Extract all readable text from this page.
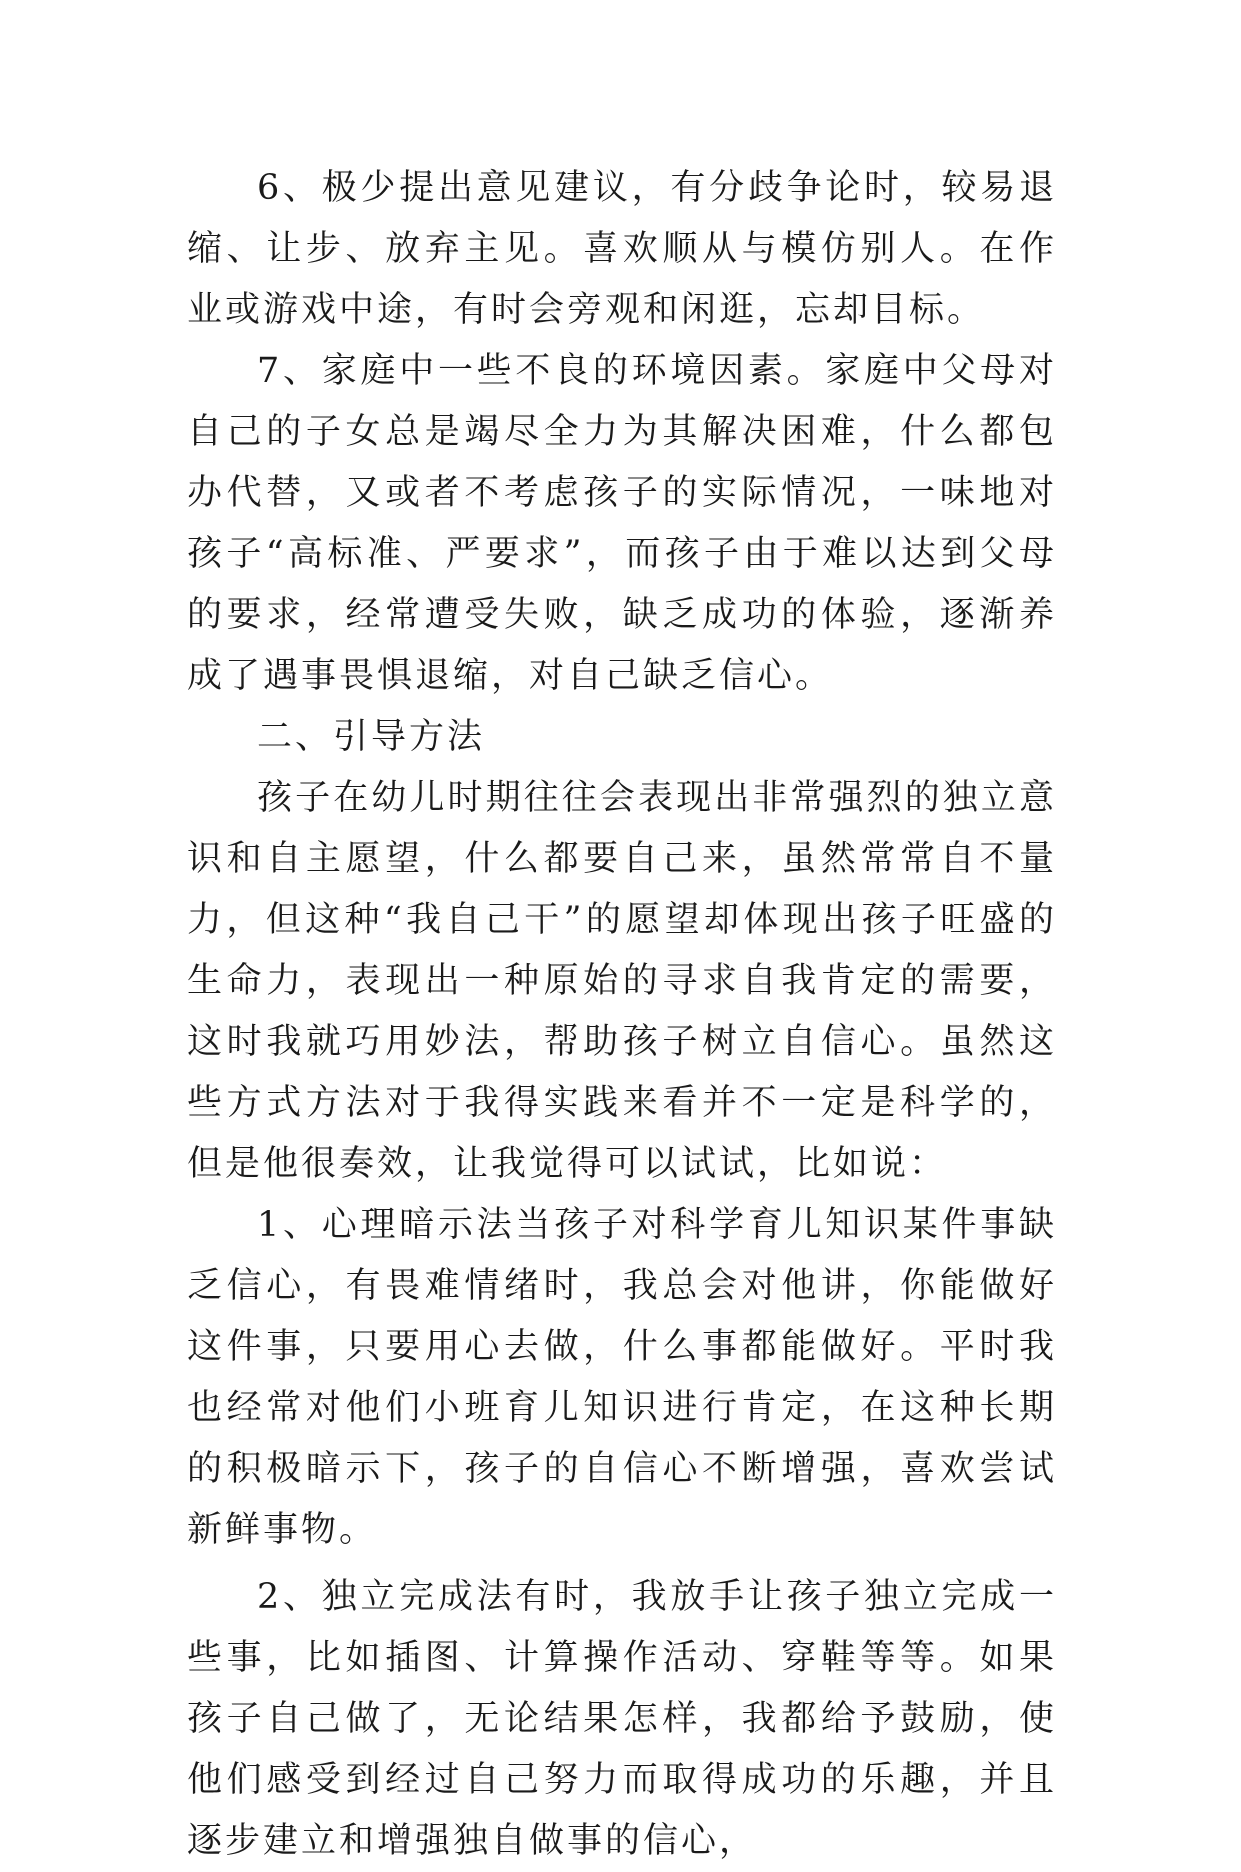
6、极少提出意见建议，有分歧争论时，较易退缩、让步、放弃主见。喜欢顺从与模仿别人。在作业或游戏中途，有时会旁观和闲逛，忘却目标。

7、家庭中一些不良的环境因素。家庭中父母对自己的子女总是竭尽全力为其解决困难，什么都包办代替，又或者不考虑孩子的实际情况，一味地对孩子“高标准、严要求”，而孩子由于难以达到父母的要求，经常遭受失败，缺乏成功的体验，逐渐养成了遇事畏惧退缩，对自己缺乏信心。

二、引导方法

孩子在幼儿时期往往会表现出非常强烈的独立意识和自主愿望，什么都要自己来，虽然常常自不量力，但这种“我自己干”的愿望却体现出孩子旺盛的生命力，表现出一种原始的寻求自我肯定的需要，这时我就巧用妙法，帮助孩子树立自信心。虽然这些方式方法对于我得实践来看并不一定是科学的，但是他很奏效，让我觉得可以试试，比如说：

1、心理暗示法当孩子对科学育儿知识某件事缺乏信心，有畏难情绪时，我总会对他讲，你能做好这件事，只要用心去做，什么事都能做好。平时我也经常对他们小班育儿知识进行肯定，在这种长期的积极暗示下，孩子的自信心不断增强，喜欢尝试新鲜事物。

2、独立完成法有时，我放手让孩子独立完成一些事，比如插图、计算操作活动、穿鞋等等。如果孩子自己做了，无论结果怎样，我都给予鼓励，使他们感受到经过自己努力而取得成功的乐趣，并且逐步建立和增强独自做事的信心，
